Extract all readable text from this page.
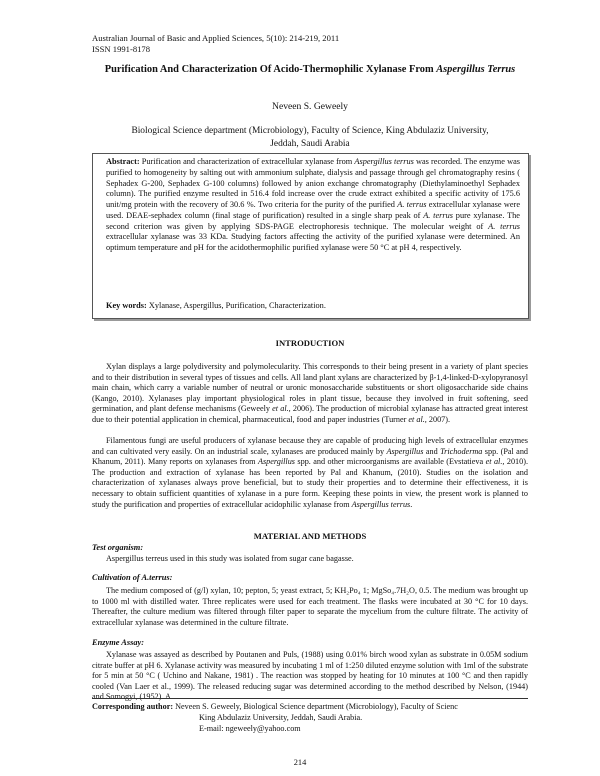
Australian Journal of Basic and Applied Sciences, 5(10): 214-219, 2011
ISSN 1991-8178
Purification And Characterization Of Acido-Thermophilic Xylanase From Aspergillus Terrus
Neveen S. Geweely
Biological Science department (Microbiology), Faculty of Science, King Abdulaziz University,
Jeddah, Saudi Arabia
Abstract: Purification and characterization of extracellular xylanase from Aspergillus terrus was recorded. The enzyme was purified to homogeneity by salting out with ammonium sulphate, dialysis and passage through gel chromatography resins ( Sephadex G-200, Sephadex G-100 columns) followed by anion exchange chromatography (Diethylaminoethyl Sephadex column). The purified enzyme resulted in 516.4 fold increase over the crude extract exhibited a specific activity of 175.6 unit/mg protein with the recovery of 30.6 %. Two criteria for the purity of the purified A. terrus extracellular xylanase were used. DEAE-sephadex column (final stage of purification) resulted in a single sharp peak of A. terrus pure xylanase. The second criterion was given by applying SDS-PAGE electrophoresis technique. The molecular weight of A. terrus extracellular xylanase was 33 KDa. Studying factors affecting the activity of the purified xylanase were determined. An optimum temperature and pH for the acidothermophilic purified xylanase were 50 °C at pH 4, respectively.
Key words: Xylanase, Aspergillus, Purification, Characterization.
INTRODUCTION
Xylan displays a large polydiversity and polymolecularity. This corresponds to their being present in a variety of plant species and to their distribution in several types of tissues and cells. All land plant xylans are characterized by β-1,4-linked-D-xylopyranosyl main chain, which carry a variable number of neutral or uronic monosaccharide substituents or short oligosaccharide side chains (Kango, 2010). Xylanases play important physiological roles in plant tissue, because they involved in fruit softening, seed germination, and plant defense mechanisms (Geweely et al., 2006). The production of microbial xylanase has attracted great interest due to their potential application in chemical, pharmaceutical, food and paper industries (Turner et al., 2007).
Filamentous fungi are useful producers of xylanase because they are capable of producing high levels of extracellular enzymes and can cultivated very easily. On an industrial scale, xylanases are produced mainly by Aspergillus and Trichoderma spp. (Pal and Khanum, 2011). Many reports on xylanases from Aspergillus spp. and other microorganisms are available (Evstatieva et al., 2010). The production and extraction of xylanase has been reported by Pal and Khanum, (2010). Studies on the isolation and characterization of xylanases always prove beneficial, but to study their properties and to determine their effectiveness, it is necessary to obtain sufficient quantities of xylanase in a pure form. Keeping these points in view, the present work is planned to study the purification and properties of extracellular acidophilic xylanase from Aspergillus terrus.
MATERIAL AND METHODS
Test organism:
Aspergillus terreus used in this study was isolated from sugar cane bagasse.
Cultivation of A.terrus:
The medium composed of (g/l) xylan, 10; pepton, 5; yeast extract, 5; KH₂Po₄ 1; MgSo₄.7H₂O, 0.5. The medium was brought up to 1000 ml with distilled water. Three replicates were used for each treatment. The flasks were incubated at 30 °C for 10 days. Thereafter, the culture medium was filtered through filter paper to separate the mycelium from the culture filtrate. The activity of extracellular xylanase was determined in the culture filtrate.
Enzyme Assay:
Xylanase was assayed as described by Poutanen and Puls, (1988) using 0.01% birch wood xylan as substrate in 0.05M sodium citrate buffer at pH 6. Xylanase activity was measured by incubating 1 ml of 1:250 diluted enzyme solution with 1ml of the substrate for 5 min at 50 °C ( Uchino and Nakane, 1981) . The reaction was stopped by heating for 10 minutes at 100 °C and then rapidly cooled (Van Laer et al., 1999). The released reducing sugar was determined according to the method described by Nelson, (1944) and Somogyi, (1952). A
Corresponding author: Neveen S. Geweely, Biological Science department (Microbiology), Faculty of Scienc
King Abdulaziz University, Jeddah, Saudi Arabia.
E-mail: ngeweely@yahoo.com
214
